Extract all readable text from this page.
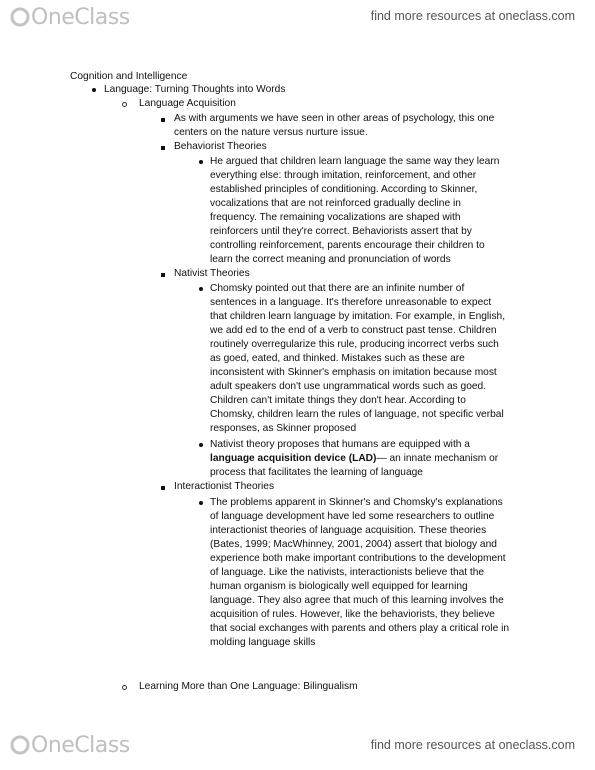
OneClass	find more resources at oneclass.com
Cognition and Intelligence
Language: Turning Thoughts into Words
Language Acquisition
As with arguments we have seen in other areas of psychology, this one
centers on the nature versus nurture issue.
Behaviorist Theories
He argued that children learn language the same way they learn
everything else: through imitation, reinforcement, and other
established principles of conditioning. According to Skinner,
vocalizations that are not reinforced gradually decline in
frequency. The remaining vocalizations are shaped with
reinforcers until they're correct. Behaviorists assert that by
controlling reinforcement, parents encourage their children to
learn the correct meaning and pronunciation of words
Nativist Theories
Chomsky pointed out that there are an infinite number of
sentences in a language. It's therefore unreasonable to expect
that children learn language by imitation. For example, in English,
we add ed to the end of a verb to construct past tense. Children
routinely overregularize this rule, producing incorrect verbs such
as goed, eated, and thinked. Mistakes such as these are
inconsistent with Skinner's emphasis on imitation because most
adult speakers don't use ungrammatical words such as goed.
Children can't imitate things they don't hear. According to
Chomsky, children learn the rules of language, not specific verbal
responses, as Skinner proposed
Nativist theory proposes that humans are equipped with a
language acquisition device (LAD)— an innate mechanism or
process that facilitates the learning of language
Interactionist Theories
The problems apparent in Skinner's and Chomsky's explanations
of language development have led some researchers to outline
interactionist theories of language acquisition. These theories
(Bates, 1999; MacWhinney, 2001, 2004) assert that biology and
experience both make important contributions to the development
of language. Like the nativists, interactionists believe that the
human organism is biologically well equipped for learning
language. They also agree that much of this learning involves the
acquisition of rules. However, like the behaviorists, they believe
that social exchanges with parents and others play a critical role in
molding language skills
Learning More than One Language: Bilingualism
OneClass	find more resources at oneclass.com
